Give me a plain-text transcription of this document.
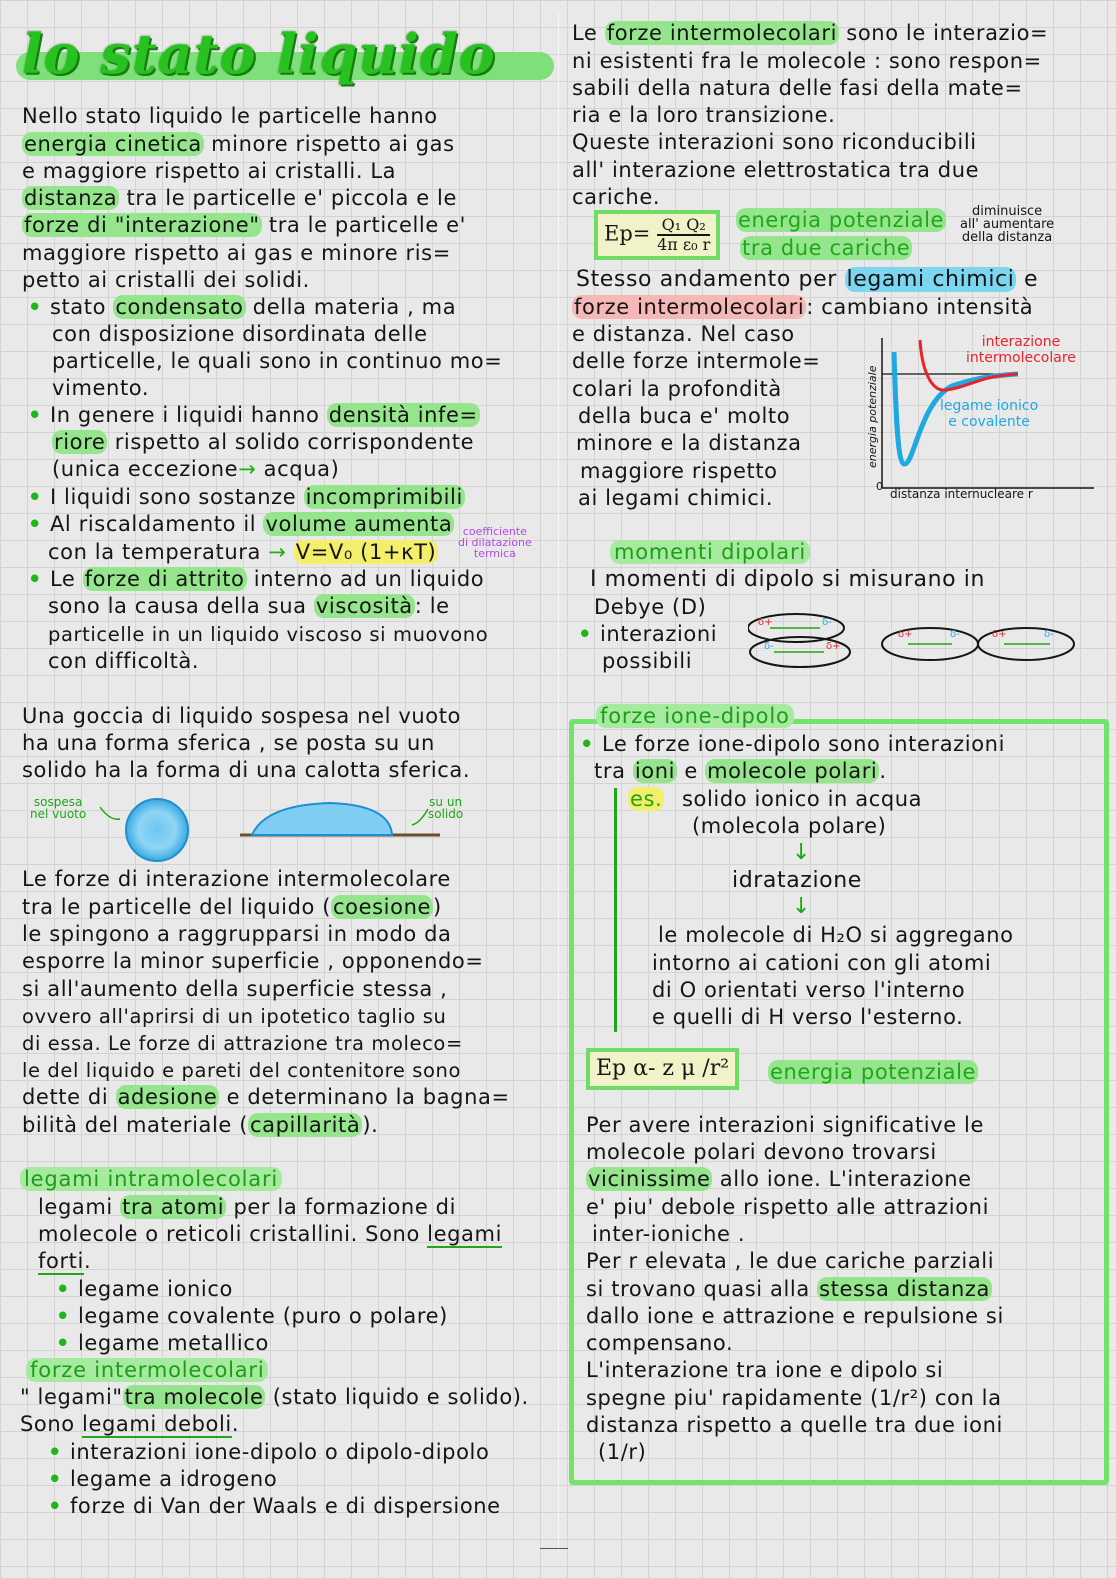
lo stato liquido
Nello stato liquido le particelle hanno
energia cinetica minore rispetto ai gas
e maggiore rispetto ai cristalli. La
distanza tra le particelle e' piccola e le
forze di "interazione" tra le particelle e'
maggiore rispetto ai gas e minore ris=
petto ai cristalli dei solidi.
• stato condensato della materia , ma
con disposizione disordinata delle
particelle, le quali sono in continuo mo=
vimento.
• In genere i liquidi hanno densità infe=
riore rispetto al solido corrispondente
(unica eccezione→ acqua)
• I liquidi sono sostanze incomprimibili
• Al riscaldamento il volume aumenta
con la temperatura → V=V₀ (1+κT)
coefficiente
di dilatazione
termica
• Le forze di attrito interno ad un liquido
sono la causa della sua viscosità: le
particelle in un liquido viscoso si muovono
con difficoltà.
Una goccia di liquido sospesa nel vuoto
ha una forma sferica , se posta su un
solido ha la forma di una calotta sferica.
sospesa
nel vuoto
su un
solido
Le forze di interazione intermolecolare
tra le particelle del liquido (coesione)
le spingono a raggrupparsi in modo da
esporre la minor superficie , opponendo=
si all'aumento della superficie stessa ,
ovvero all'aprirsi di un ipotetico taglio su
di essa. Le forze di attrazione tra moleco=
le del liquido e pareti del contenitore sono
dette di adesione e determinano la bagna=
bilità del materiale (capillarità).
legami intramolecolari
legami tra atomi per la formazione di
molecole o reticoli cristallini. Sono legami
forti.
• legame ionico
• legame covalente (puro o polare)
• legame metallico
forze intermolecolari
" legami"tra molecole (stato liquido e solido).
Sono legami deboli.
• interazioni ione-dipolo o dipolo-dipolo
• legame a idrogeno
• forze di Van der Waals e di dispersione
Le forze intermolecolari sono le interazio=
ni esistenti fra le molecole : sono respon=
sabili della natura delle fasi della mate=
ria e la loro transizione.
Queste interazioni sono riconducibili
all' interazione elettrostatica tra due
cariche.
$Ep= \frac{\text{Q₁ Q₂}}{\text{4π ε₀ r}}$ energia potenziale
tra due cariche
diminuisce
all' aumentare
della distanza
Stesso andamento per legami chimici e
forze intermolecolari: cambiano intensità
e distanza. Nel caso
delle forze intermole=
colari la profondità
della buca e' molto
minore e la distanza
maggiore rispetto
ai legami chimici.
energia potenziale
0
distanza internucleare r
interazione
intermolecolare
legame ionico
e covalente
momenti dipolari
I momenti di dipolo si misurano in
Debye (D)
• interazioni
possibili
δ+	δ-
δ-	δ+
δ+	δ-	δ+	δ-
forze ione-dipolo
• Le forze ione-dipolo sono interazioni
tra ioni e molecole polari.
es. solido ionico in acqua
(molecola polare)
↓
idratazione
↓
le molecole di H₂O si aggregano
intorno ai cationi con gli atomi
di O orientati verso l'interno
e quelli di H verso l'esterno.
Ep α- z μ /r²	energia potenziale
Per avere interazioni significative le
molecole polari devono trovarsi
vicinissime allo ione. L'interazione
e' piu' debole rispetto alle attrazioni
inter-ioniche .
Per r elevata , le due cariche parziali
si trovano quasi alla stessa distanza
dallo ione e attrazione e repulsione si
compensano.
L'interazione tra ione e dipolo si
spegne piu' rapidamente (1/r²) con la
distanza rispetto a quelle tra due ioni
(1/r)
